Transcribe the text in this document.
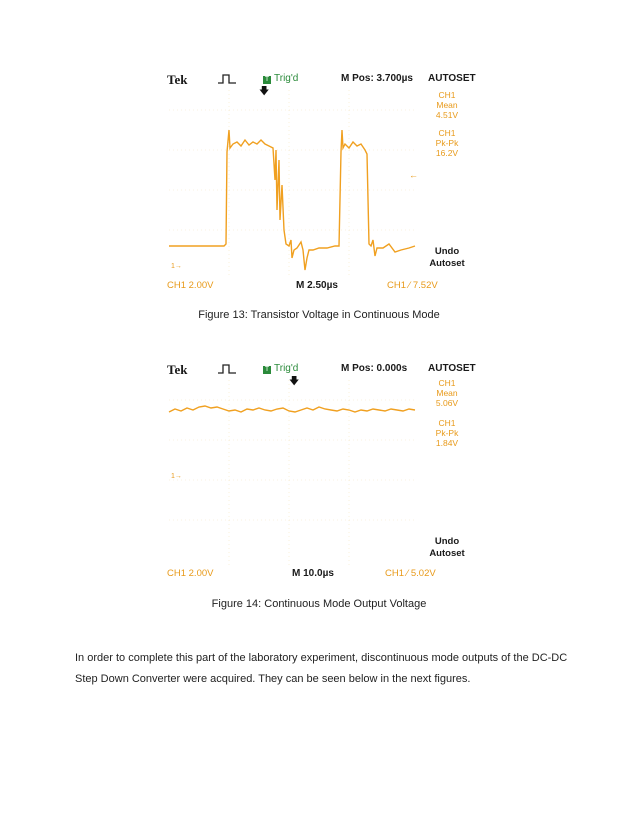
Tek	T Trig'd	M Pos: 3.700µs AUTOSET
🡇
1→
←
CH1
Mean
4.51V
CH1
Pk-Pk
16.2V
Undo
Autoset
CH1 2.00V	M 2.50µs	CH1 ∕ 7.52V
Figure 13: Transistor Voltage in Continuous Mode
Tek	T Trig'd	M Pos: 0.000s AUTOSET
🡇
1→
CH1
Mean
5.06V
CH1
Pk-Pk
1.84V
Undo
Autoset
CH1 2.00V	M 10.0µs	CH1 ∕ 5.02V
Figure 14: Continuous Mode Output Voltage

In order to complete this part of the laboratory experiment, discontinuous mode outputs of the DC-DC Step Down Converter were acquired. They can be seen below in the next figures.
